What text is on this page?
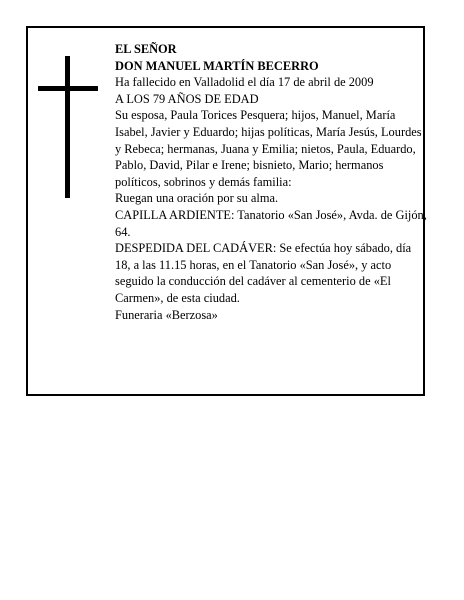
EL SEÑOR

DON MANUEL MARTÍN BECERRO

Ha fallecido en Valladolid el día 17 de abril de 2009

A LOS 79 AÑOS DE EDAD

Su esposa, Paula Torices Pesquera; hijos, Manuel, María Isabel, Javier y Eduardo; hijas políticas, María Jesús, Lourdes y Rebeca; hermanas, Juana y Emilia; nietos, Paula, Eduardo, Pablo, David, Pilar e Irene; bisnieto, Mario; hermanos políticos, sobrinos y demás familia:

Ruegan una oración por su alma.

CAPILLA ARDIENTE: Tanatorio «San José», Avda. de Gijón, 64.

DESPEDIDA DEL CADÁVER: Se efectúa hoy sábado, día 18, a las 11.15 horas, en el Tanatorio «San José», y acto seguido la conducción del cadáver al cementerio de «El Carmen», de esta ciudad.

Funeraria «Berzosa»
